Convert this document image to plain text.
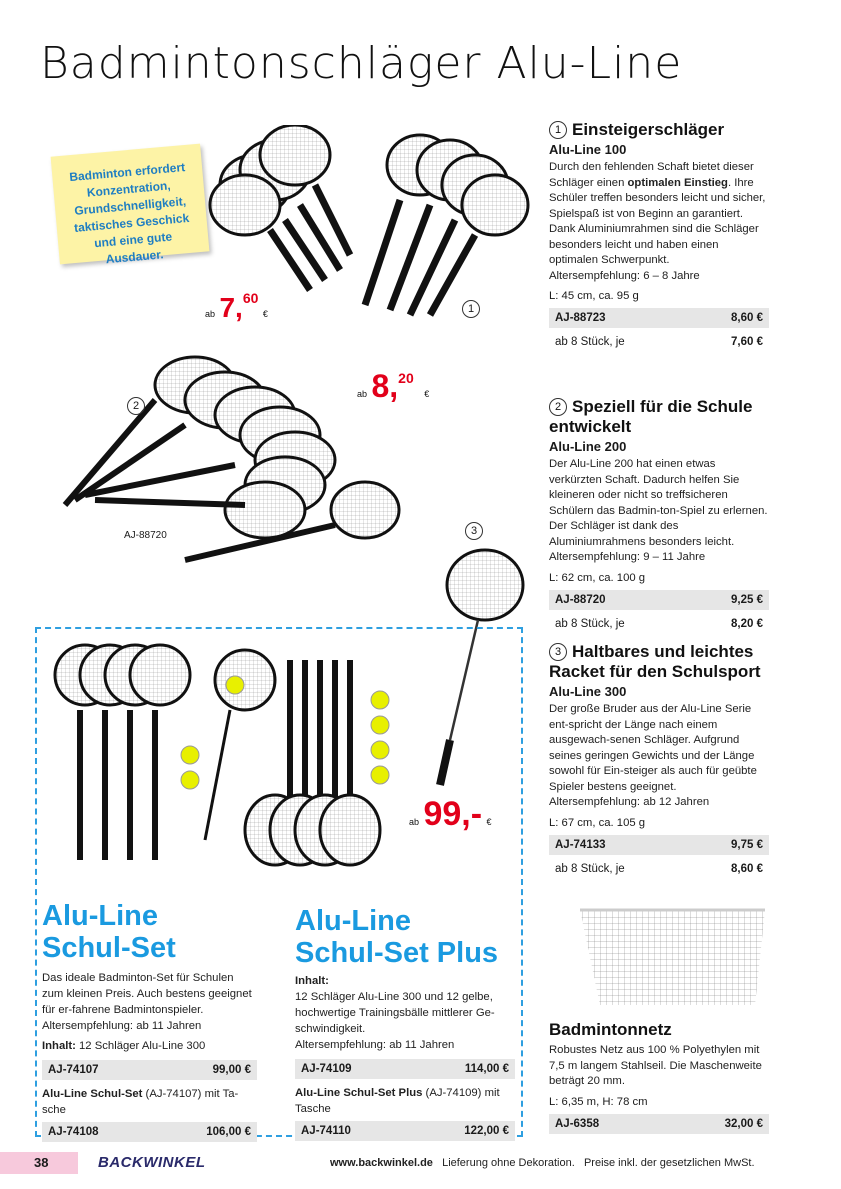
Badmintonschläger Alu-Line
Badminton erfordert Konzentration, Grundschnelligkeit, taktisches Geschick und eine gute Ausdauer.
ab 7,60 €	1
ab 8,20 €
2
AJ-88720	3
ab 99,- €
1 Einsteigerschläger
Alu-Line 100
Durch den fehlenden Schaft bietet dieser Schläger einen optimalen Einstieg. Ihre Schüler treffen besonders leicht und sicher, Spielspaß ist von Beginn an garantiert. Dank Aluminiumrahmen sind die Schläger besonders leicht und haben einen optimalen Schwerpunkt.
Altersempfehlung: 6 – 8 Jahre
L: 45 cm, ca. 95 g
AJ-88723	8,60 €
ab 8 Stück, je	7,60 €
2 Speziell für die Schule entwickelt
Alu-Line 200
Der Alu-Line 200 hat einen etwas verkürzten Schaft. Dadurch helfen Sie kleineren oder nicht so treffsicheren Schülern das Badmin-ton-Spiel zu erlernen. Der Schläger ist dank des Aluminiumrahmens besonders leicht.
Altersempfehlung: 9 – 11 Jahre
L: 62 cm, ca. 100 g
AJ-88720	9,25 €
ab 8 Stück, je	8,20 €
3 Haltbares und leichtes Racket für den Schulsport
Alu-Line 300
Der große Bruder aus der Alu-Line Serie ent-spricht der Länge nach einem ausgewach-senen Schläger. Aufgrund seines geringen Gewichts und der Länge sowohl für Ein-steiger als auch für geübte Spieler bestens geeignet.
Altersempfehlung: ab 12 Jahren
L: 67 cm, ca. 105 g
AJ-74133	9,75 €
ab 8 Stück, je	8,60 €
Badmintonnetz
Robustes Netz aus 100 % Polyethylen mit 7,5 m langem Stahlseil. Die Maschenweite beträgt 20 mm.
L: 6,35 m, H: 78 cm
AJ-6358	32,00 €
Alu-Line
Schul-Set
Das ideale Badminton-Set für Schulen zum kleinen Preis. Auch bestens geeignet für er-fahrene Badmintonspieler.
Altersempfehlung: ab 11 Jahren
Inhalt: 12 Schläger Alu-Line 300
AJ-74107	99,00 €
Alu-Line Schul-Set (AJ-74107) mit Ta-sche
AJ-74108	106,00 €
Alu-Line
Schul-Set Plus
Inhalt:
12 Schläger Alu-Line 300 und 12 gelbe, hochwertige Trainingsbälle mittlerer Ge-schwindigkeit.
Altersempfehlung: ab 11 Jahren
AJ-74109	114,00 €
Alu-Line Schul-Set Plus (AJ-74109) mit Tasche
AJ-74110	122,00 €
38	BACKWINKEL	www.backwinkel.de   Lieferung ohne Dekoration.   Preise inkl. der gesetzlichen MwSt.
